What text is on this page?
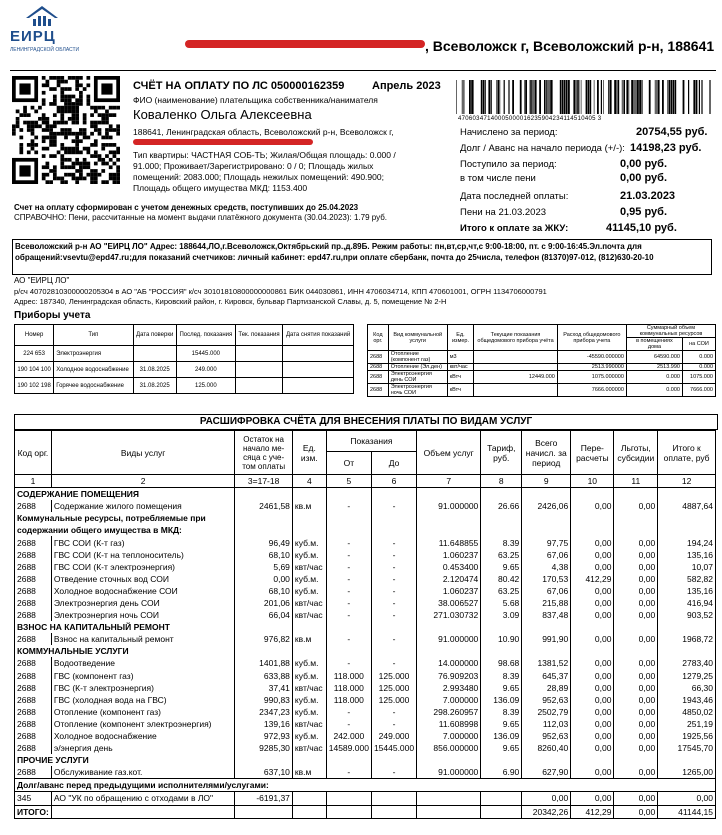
ЕИРЦ
ЛЕНИНГРАДСКОЙ ОБЛАСТИ	, Всеволожск г, Всеволожский р-н, 188641
СЧЁТ НА ОПЛАТУ ПО ЛС 050000162359	Апрель 2023
ФИО (наименование) плательщика собственника/нанимателя
Коваленко Ольга Алексеевна
188641, Ленинградская область, Всеволожский р-н, Всеволожск г,
Тип квартиры: ЧАСТНАЯ СОБ-ТЬ; Жилая/Общая площадь: 0.000 /
91.000; Проживает/Зарегистрировано: 0 / 0; Площадь жилых
помещений: 2083.000; Площадь нежилых помещений: 490.900;
Площадь общего имущества МКД: 1153.400
Счет на оплату сформирован с учетом денежных средств, поступивших до 25.04.2023
СПРАВОЧНО: Пени, рассчитанные на момент выдачи платёжного документа (30.04.2023): 1.79 руб.
47060347140005000016235904234114510405 3
Начислено за период:	20754,55 руб.
Долг / Аванс на начало периода (+/-): 14198,23 руб.
Поступило за период:	0,00 руб.
в том числе пени	0,00 руб.
Дата последней оплаты:	21.03.2023
Пени на 21.03.2023	0,95 руб.
Итого к оплате за ЖКУ:	41145,10 руб.
Всеволожский р-н АО "ЕИРЦ ЛО" Адрес: 188644,ЛО,г.Всеволожск,Октябрьский пр.,д.89Б. Режим работы: пн,вт,ср,чт,с 9:00-18:00, пт. с 9:00-16:45.Эл.почта для обращений:vsevtu@epd47.ru;для показаний счетчиков: личный кабинет: epd47.ru,при оплате сбербанк, почта до 25числа, телефон (81370)97-012, (812)630-20-10
АО "ЕИРЦ ЛО"
р/сч 40702810300000205304 в АО "АБ "РОССИЯ" к/сч 30101810800000000861 БИК 044030861, ИНН 4706034714, КПП 470601001, ОГРН 1134706000791
Адрес: 187340, Ленинградская область, Кировский район, г. Кировск, бульвар Партизанской Славы, д. 5, помещение № 2-Н
Приборы учета
Номер	Тип	Дата поверки	Послед. показания	Тек. показания	Дата снятия показаний
224 653	Электроэнергия		15445.000		
190 104 100	Холодное водоснабжение	31.08.2025	249.000		
190 102 198	Горячее водоснабжение	31.08.2025	125.000		
Код орг.	Вид коммунальной услуги	Ед. измер.	Текущие показания общедомового прибора учёта	Расход общедомового прибора учета	Суммарный объем коммунальных ресурсов	
					в помещениях дома	на СОИ
2688	Отопление (компонент газ)	м3		-45590.000000	64590.000	0.000
2688	Отопление (Эл.ден)	квт/час		2513.990000	2513.990	0.000
2688	Электроэнергия день СОИ	кВтч	12449.000	1075.000000	0.000	1075.000
2688	Электроэнергия ночь СОИ	кВтч		7666.000000	0.000	7666.000
РАСШИФРОВКА СЧЁТА ДЛЯ ВНЕСЕНИЯ ПЛАТЫ ПО ВИДАМ УСЛУГ
Код орг.	Виды услуг	Остаток на начало ме-сяца с уче-том оплаты	Ед. изм.	Показания		Объем услуг	Тариф, руб.	Всего начисл. за период	Пере-расчеты	Льготы, субсидии	Итого к оплате, руб
				От	До						
1	2	3=17-18	4	5	6	7	8	9	10	11	12
СОДЕРЖАНИЕ ПОМЕЩЕНИЯ											
2688	Содержание жилого помещения	2461,58	кв.м	-	-	91.000000	26.66	2426,06	0,00	0,00	4887,64
Коммунальные ресурсы, потребляемые при											
содержании общего имущества в МКД:											
2688	ГВС СОИ (К-т газ)	96,49	куб.м.	-	-	11.648855	8.39	97,75	0,00	0,00	194,24
2688	ГВС СОИ (К-т на теплоноситель)	68,10	куб.м.	-	-	1.060237	63.25	67,06	0,00	0,00	135,16
2688	ГВС СОИ (К-т электроэнергия)	5,69	квт/час	-	-	0.453400	9.65	4,38	0,00	0,00	10,07
2688	Отведение сточных вод СОИ	0,00	куб.м.	-	-	2.120474	80.42	170,53	412,29	0,00	582,82
2688	Холодное водоснабжение СОИ	68,10	куб.м.	-	-	1.060237	63.25	67,06	0,00	0,00	135,16
2688	Электроэнергия день СОИ	201,06	квт/час	-	-	38.006527	5.68	215,88	0,00	0,00	416,94
2688	Электроэнергия ночь СОИ	66,04	квт/час	-	-	271.030732	3.09	837,48	0,00	0,00	903,52
ВЗНОС НА КАПИТАЛЬНЫЙ РЕМОНТ											
2688	Взнос на капитальный ремонт	976,82	кв.м	-	-	91.000000	10.90	991,90	0,00	0,00	1968,72
КОММУНАЛЬНЫЕ УСЛУГИ											
2688	Водоотведение	1401,88	куб.м.	-	-	14.000000	98.68	1381,52	0,00	0,00	2783,40
2688	ГВС (компонент газ)	633,88	куб.м.	118.000	125.000	76.909203	8.39	645,37	0,00	0,00	1279,25
2688	ГВС (К-т электроэнергия)	37,41	квт/час	118.000	125.000	2.993480	9.65	28,89	0,00	0,00	66,30
2688	ГВС (холодная вода на ГВС)	990,83	куб.м.	118.000	125.000	7.000000	136.09	952,63	0,00	0,00	1943,46
2688	Отопление (компонент газ)	2347,23	куб.м.	-	-	298.260957	8.39	2502,79	0,00	0,00	4850,02
2688	Отопление (компонент электроэнергия)	139,16	квт/час	-	-	11.608998	9.65	112,03	0,00	0,00	251,19
2688	Холодное водоснабжение	972,93	куб.м.	242.000	249.000	7.000000	136.09	952,63	0,00	0,00	1925,56
2688	э/энергия день	9285,30	квт/час	14589.000	15445.000	856.000000	9.65	8260,40	0,00	0,00	17545,70
ПРОЧИЕ УСЛУГИ											
2688	Обслуживание газ.кот.	637,10	кв.м	-	-	91.000000	6.90	627,90	0,00	0,00	1265,00
Долг/аванс перед предыдущими исполнителями/услугами:											
345	АО "УК по обращению с отходами в ЛО"	-6191,37						0,00	0,00	0,00	0,00
ИТОГО:								20342,26	412,29	0,00	41144,15
